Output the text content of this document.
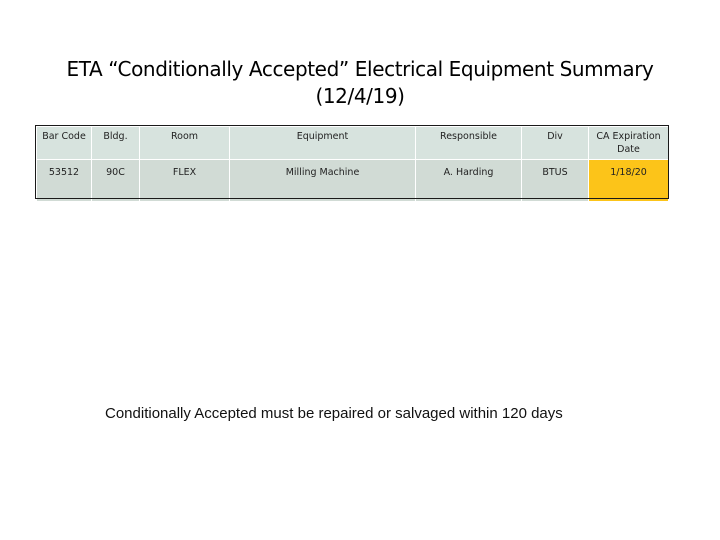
ETA “Conditionally Accepted” Electrical Equipment Summary
(12/4/19)
Bar Code	Bldg.	Room	Equipment	Responsible	Div	CA Expiration Date
53512	90C	FLEX	Milling Machine	A. Harding	BTUS	1/18/20
Conditionally Accepted must be repaired or salvaged within 120 days
